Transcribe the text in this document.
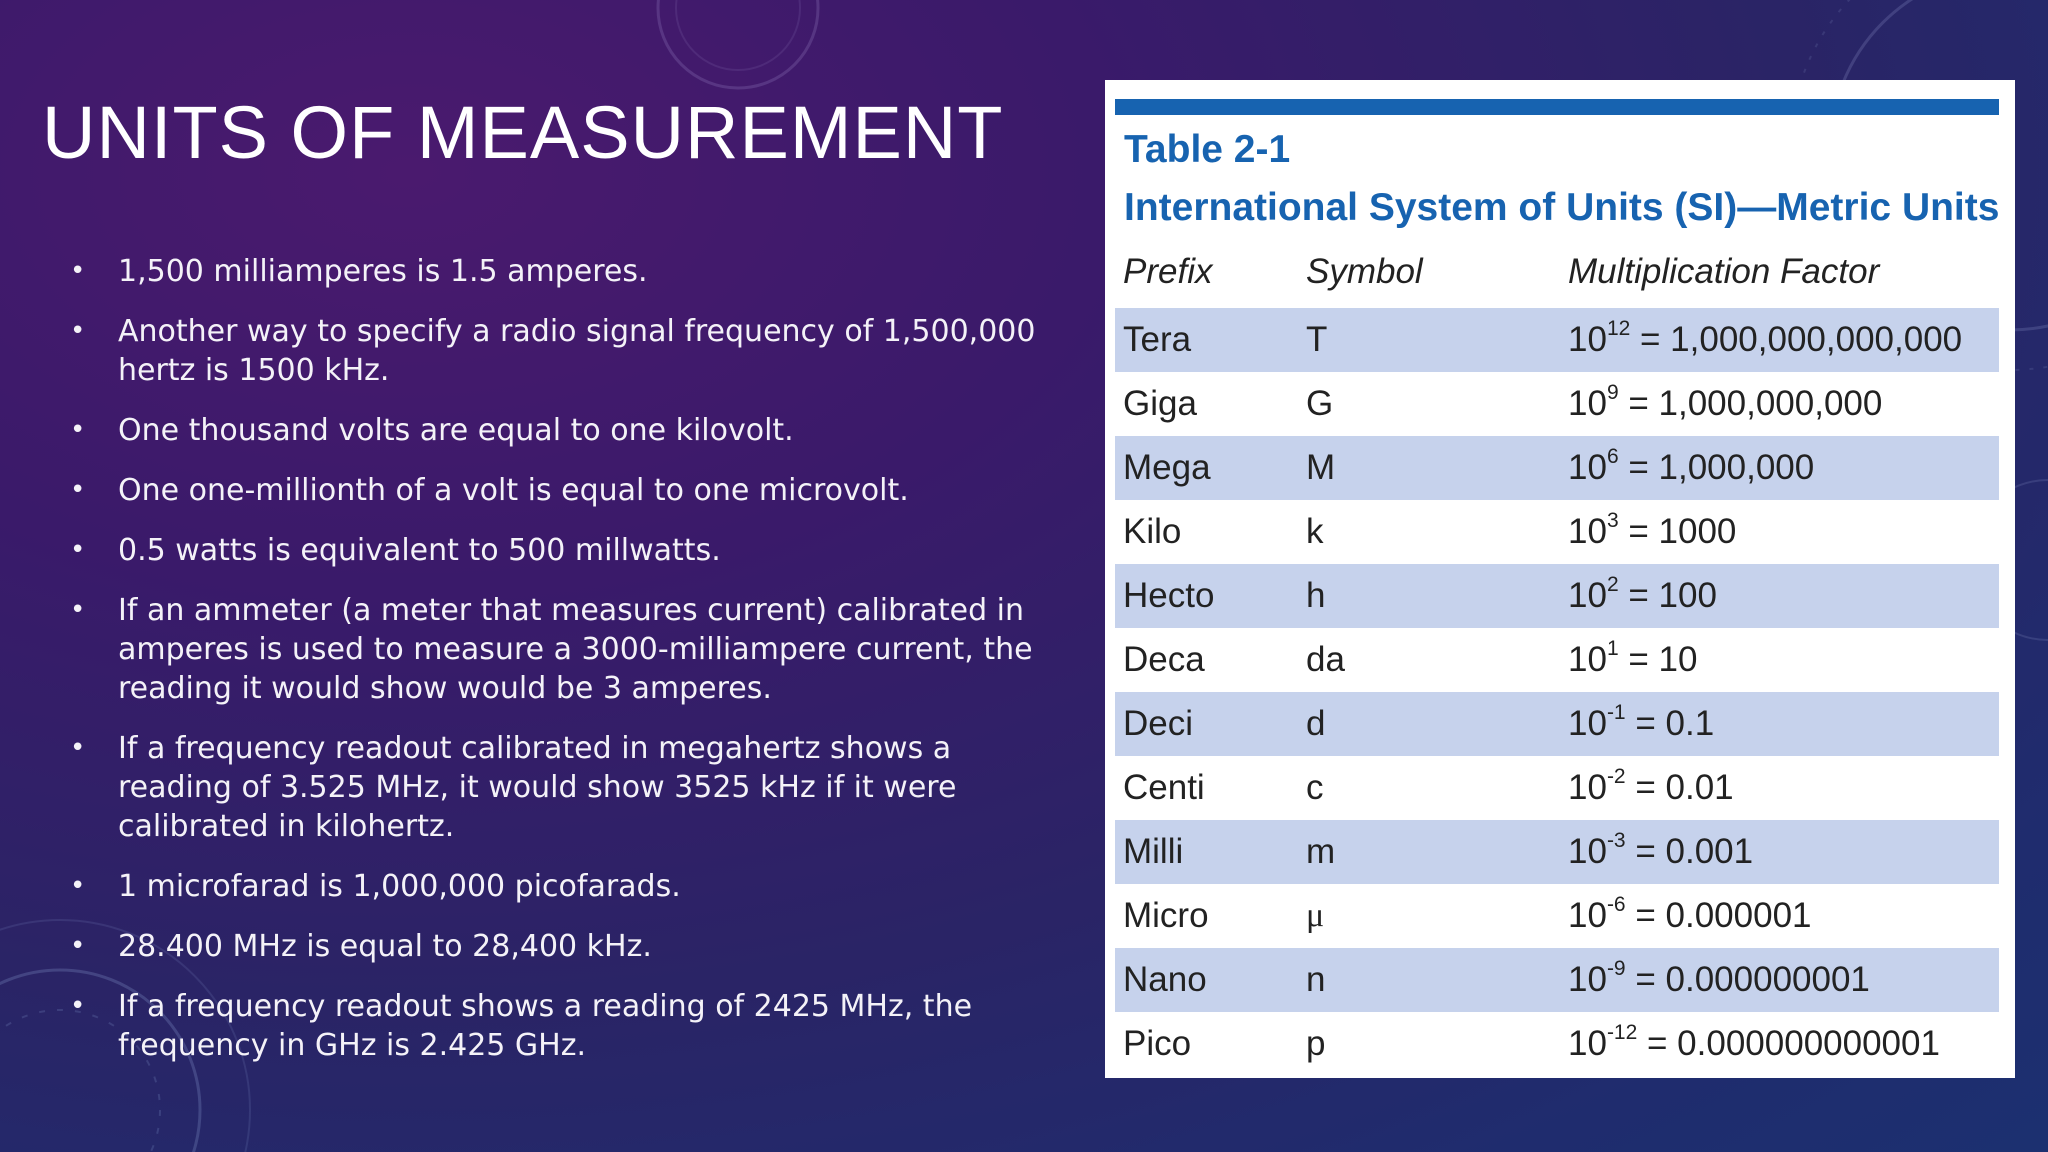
UNITS OF MEASUREMENT
• 1,500 milliamperes is 1.5 amperes.
• Another way to specify a radio signal frequency of 1,500,000 hertz is 1500 kHz.
• One thousand volts are equal to one kilovolt.
• One one-millionth of a volt is equal to one microvolt.
• 0.5 watts is equivalent to 500 millwatts.
• If an ammeter (a meter that measures current) calibrated in amperes is used to measure a 3000-milliampere current, the reading it would show would be 3 amperes.
• If a frequency readout calibrated in megahertz shows a reading of 3.525 MHz, it would show 3525 kHz if it were calibrated in kilohertz.
• 1 microfarad is 1,000,000 picofarads.
• 28.400 MHz is equal to 28,400 kHz.
• If a frequency readout shows a reading of 2425 MHz, the frequency in GHz is 2.425 GHz.
Table 2-1
International System of Units (SI)—Metric Units
Prefix	Symbol	Multiplication Factor
Tera	T	$10^{12} = 1,000,000,000,000$
Giga	G	$10^9 = 1,000,000,000$
Mega	M	$10^6 = 1,000,000$
Kilo	k	$10^3 = 1000$
Hecto	h	$10^2 = 100$
Deca	da	$10^1 = 10$
Deci	d	$10^{-1} = 0.1$
Centi	c	$10^{-2} = 0.01$
Milli	m	$10^{-3} = 0.001$
Micro	μ	$10^{-6} = 0.000001$
Nano	n	$10^{-9} = 0.000000001$
Pico	p	$10^{-12} = 0.000000000001$
